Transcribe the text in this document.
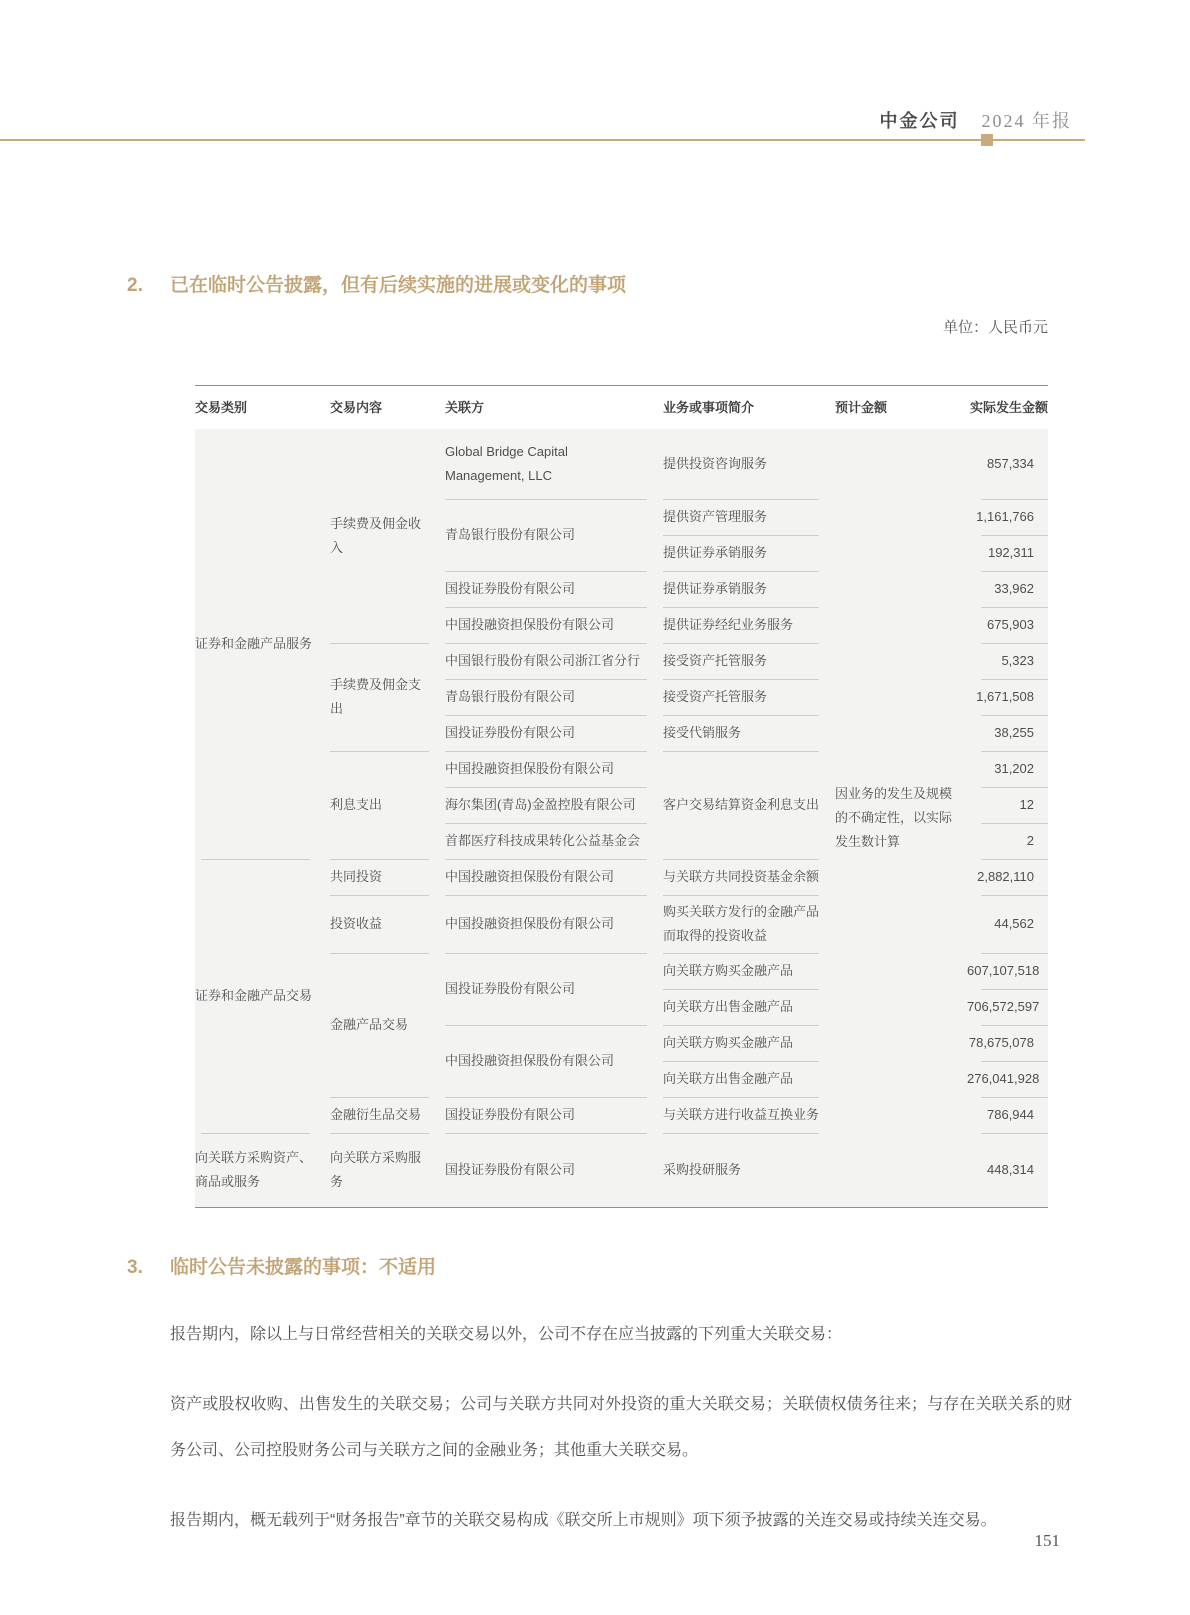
中金公司 2024 年报
2.	已在临时公告披露，但有后续实施的进展或变化的事项
单位：人民币元
交易类别	交易内容	关联方	业务或事项简介	预计金额	实际发生金额
证券和金融产品服务	手续费及佣金收入	Global Bridge Capital Management, LLC	提供投资咨询服务	因业务的发生及规模的不确定性，以实际发生数计算	857,334
		青岛银行股份有限公司	提供资产管理服务		1,161,766
			提供证券承销服务		192,311
		国投证券股份有限公司	提供证券承销服务		33,962
		中国投融资担保股份有限公司	提供证券经纪业务服务		675,903
	手续费及佣金支出	中国银行股份有限公司浙江省分行	接受资产托管服务		5,323
		青岛银行股份有限公司	接受资产托管服务		1,671,508
		国投证券股份有限公司	接受代销服务		38,255
	利息支出	中国投融资担保股份有限公司	客户交易结算资金利息支出		31,202
		海尔集团(青岛)金盈控股有限公司			12
		首都医疗科技成果转化公益基金会			2
证券和金融产品交易	共同投资	中国投融资担保股份有限公司	与关联方共同投资基金余额		2,882,110
	投资收益	中国投融资担保股份有限公司	购买关联方发行的金融产品而取得的投资收益		44,562
	金融产品交易	国投证券股份有限公司	向关联方购买金融产品		607,107,518
			向关联方出售金融产品		706,572,597
		中国投融资担保股份有限公司	向关联方购买金融产品		78,675,078
			向关联方出售金融产品		276,041,928
	金融衍生品交易	国投证券股份有限公司	与关联方进行收益互换业务		786,944
向关联方采购资产、商品或服务	向关联方采购服务	国投证券股份有限公司	采购投研服务		448,314
3.	临时公告未披露的事项：不适用

报告期内，除以上与日常经营相关的关联交易以外，公司不存在应当披露的下列重大关联交易：

资产或股权收购、出售发生的关联交易；公司与关联方共同对外投资的重大关联交易；关联债权债务往来；与存在关联关系的财务公司、公司控股财务公司与关联方之间的金融业务；其他重大关联交易。

报告期内，概无载列于“财务报告”章节的关联交易构成《联交所上市规则》项下须予披露的关连交易或持续关连交易。

151
